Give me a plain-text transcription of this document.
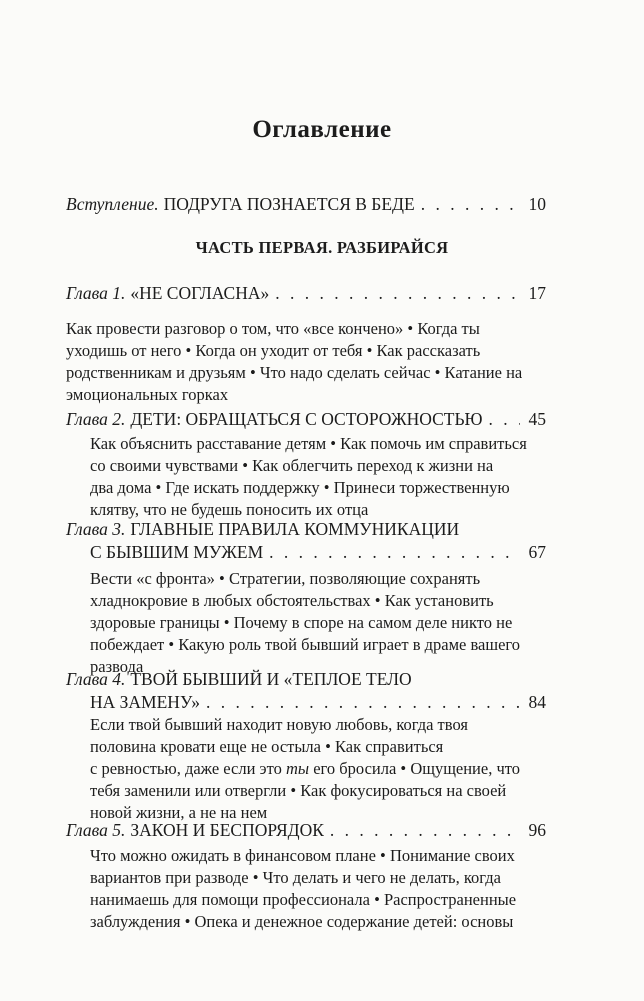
Оглавление
Вступление. ПОДРУГА ПОЗНАЕТСЯ В БЕДЕ . . .	10
ЧАСТЬ ПЕРВАЯ. РАЗБИРАЙСЯ
Глава 1. «НЕ СОГЛАСНА» . . .	17
Как провести разговор о том, что «все кончено» • Когда ты
уходишь от него • Когда он уходит от тебя • Как рассказать
родственникам и друзьям • Что надо сделать сейчас • Катание на
эмоциональных горках
Глава 2. ДЕТИ: ОБРАЩАТЬСЯ С ОСТОРОЖНОСТЬЮ . . .	45
Как объяснить расставание детям • Как помочь им справиться
со своими чувствами • Как облегчить переход к жизни на
два дома • Где искать поддержку • Принеси торжественную
клятву, что не будешь поносить их отца
Глава 3. ГЛАВНЫЕ ПРАВИЛА КОММУНИКАЦИИ
С БЫВШИМ МУЖЕМ . . .	67
Вести «с фронта» • Стратегии, позволяющие сохранять
хладнокровие в любых обстоятельствах • Как установить
здоровые границы • Почему в споре на самом деле никто не
побеждает • Какую роль твой бывший играет в драме вашего
развода
Глава 4. ТВОЙ БЫВШИЙ И «ТЕПЛОЕ ТЕЛО
НА ЗАМЕНУ» . . .	84
Если твой бывший находит новую любовь, когда твоя
половина кровати еще не остыла • Как справиться
с ревностью, даже если это ты его бросила • Ощущение, что
тебя заменили или отвергли • Как фокусироваться на своей
новой жизни, а не на нем
Глава 5. ЗАКОН И БЕСПОРЯДОК . . .	96
Что можно ожидать в финансовом плане • Понимание своих
вариантов при разводе • Что делать и чего не делать, когда
нанимаешь для помощи профессионала • Распространенные
заблуждения • Опека и денежное содержание детей: основы
